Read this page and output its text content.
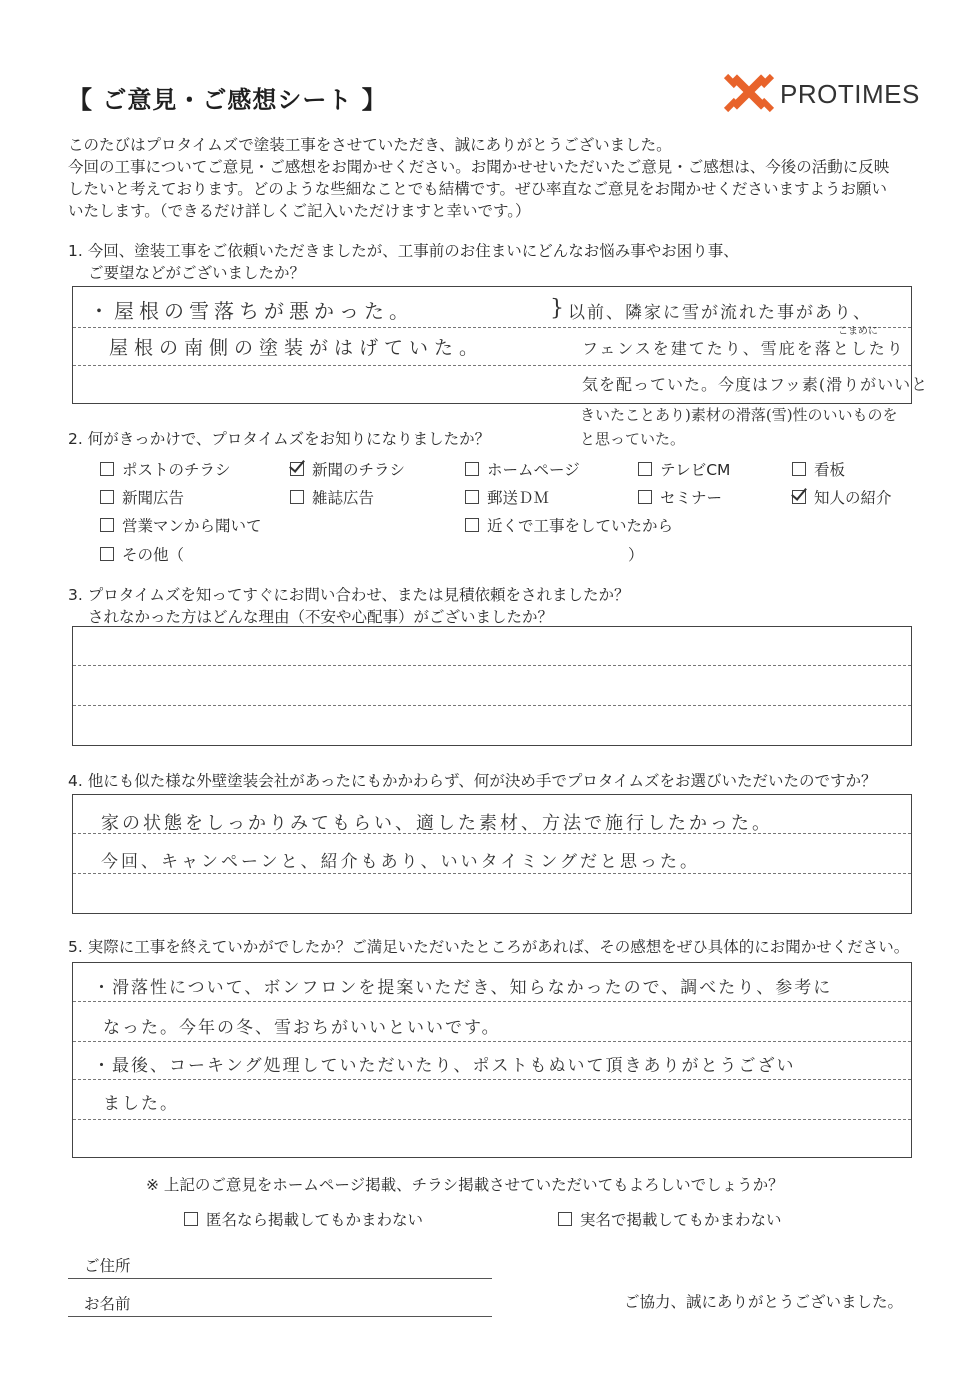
【 ご意見・ご感想シート 】	PROTIMES
このたびはプロタイムズで塗装工事をさせていただき、誠にありがとうございました。
今回の工事についてご意見・ご感想をお聞かせください。お聞かせせいただいたご意見・ご感想は、今後の活動に反映
したいと考えております。どのような些細なことでも結構です。ぜひ率直なご意見をお聞かせくださいますようお願い
いたします。（できるだけ詳しくご記入いただけますと幸いです。）
1. 今回、塗装工事をご依頼いただきましたが、工事前のお住まいにどんなお悩み事やお困り事、
ご要望などがございましたか？
・屋根の雪落ちが悪かった。
屋根の南側の塗装がはげていた。
} 以前、隣家に雪が流れた事があり、
こまめに
フェンスを建てたり、雪庇を落としたり
気を配っていた。今度はフッ素(滑りがいいと
きいたことあり)素材の滑落(雪)性のいいものを
と思っていた。
2. 何がきっかけで、プロタイムズをお知りになりましたか？
ポストのチラシ	新聞のチラシ	ホームページ	テレビCM	看板
新聞広告	雑誌広告	郵送ＤＭ	セミナー	知人の紹介
営業マンから聞いて	近くで工事をしていたから
その他（	）
3. プロタイムズを知ってすぐにお問い合わせ、または見積依頼をされましたか？
されなかった方はどんな理由（不安や心配事）がございましたか？
4. 他にも似た様な外壁塗装会社があったにもかかわらず、何が決め手でプロタイムズをお選びいただいたのですか？
家の状態をしっかりみてもらい、適した素材、方法で施行したかった。
今回、キャンペーンと、紹介もあり、いいタイミングだと思った。
5. 実際に工事を終えていかがでしたか？ご満足いただいたところがあれば、その感想をぜひ具体的にお聞かせください。
・滑落性について、ボンフロンを提案いただき、知らなかったので、調べたり、参考に
なった。今年の冬、雪おちがいいといいです。
・最後、コーキング処理していただいたり、ポストもぬいて頂きありがとうござい
ました。
※ 上記のご意見をホームページ掲載、チラシ掲載させていただいてもよろしいでしょうか？
匿名なら掲載してもかまわない	実名で掲載してもかまわない
ご住所
お名前	ご協力、誠にありがとうございました。
